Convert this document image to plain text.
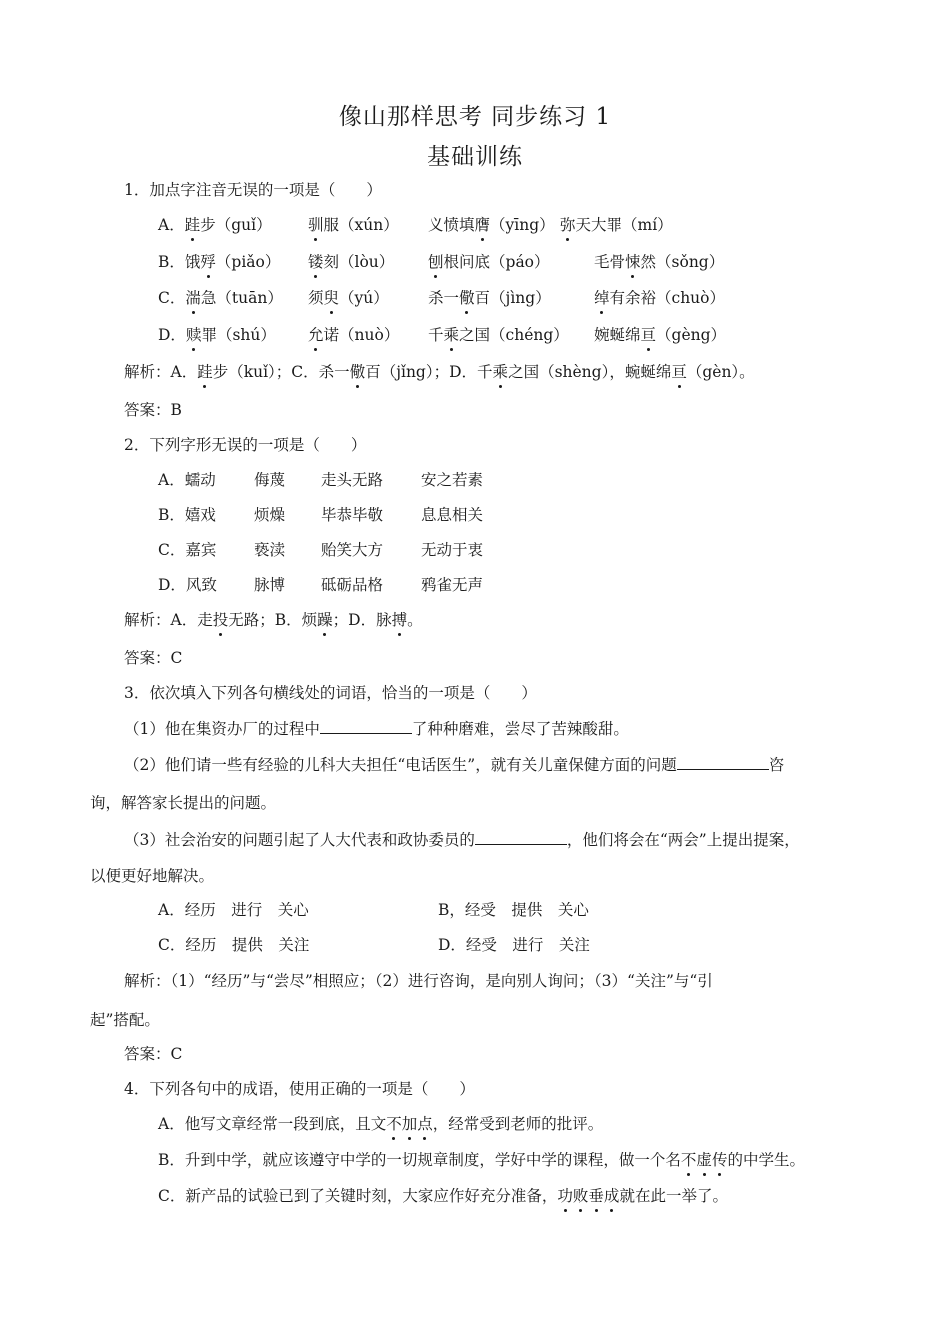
像山那样思考 同步练习 1
基础训练
1．加点字注音无误的一项是（　　）
A．跬步（guǐ） 驯服（xún） 义愤填膺（yīng） 弥天大罪（mí）
B．饿殍（piǎo） 镂刻（lòu） 刨根问底（páo）	毛骨悚然（sǒng）
C．湍急（tuān） 须臾（yú）	杀一儆百（jìng）	绰有余裕（chuò）
D．赎罪（shú） 允诺（nuò） 千乘之国（chéng） 婉蜒绵亘（gèng）
解析：A．跬步（kuǐ）；C．杀一儆百（jǐng）；D．千乘之国（shèng），蜿蜒绵亘（gèn）。
答案：B
2．下列字形无误的一项是（　　）
A．蠕动 侮蔑 走头无路 安之若素
B．嬉戏 烦燥 毕恭毕敬 息息相关
C．嘉宾 亵渎 贻笑大方 无动于衷
D．风致 脉博 砥砺品格 鸦雀无声
解析：A．走投无路；B．烦躁；D．脉搏。
答案：C
3．依次填入下列各句横线处的词语，恰当的一项是（　　）
（1）他在集资办厂的过程中	了种种磨难，尝尽了苦辣酸甜。
（2）他们请一些有经验的儿科大夫担任“电话医生”，就有关儿童保健方面的问题	咨
询，解答家长提出的问题。
（3）社会治安的问题引起了人大代表和政协委员的	，他们将会在“两会”上提出提案，
以便更好地解决。
A．经历　进行　关心	B，经受　提供　关心
C．经历　提供　关注	D．经受　进行　关注
解析：（1）“经历”与“尝尽”相照应；（2）进行咨询，是向别人询问；（3）“关注”与“引
起”搭配。
答案：C
4．下列各句中的成语，使用正确的一项是（　　）
A．他写文章经常一段到底，且文不加点，经常受到老师的批评。
B．升到中学，就应该遵守中学的一切规章制度，学好中学的课程，做一个名不虚传的中学生。
C．新产品的试验已到了关键时刻，大家应作好充分准备，功败垂成就在此一举了。
